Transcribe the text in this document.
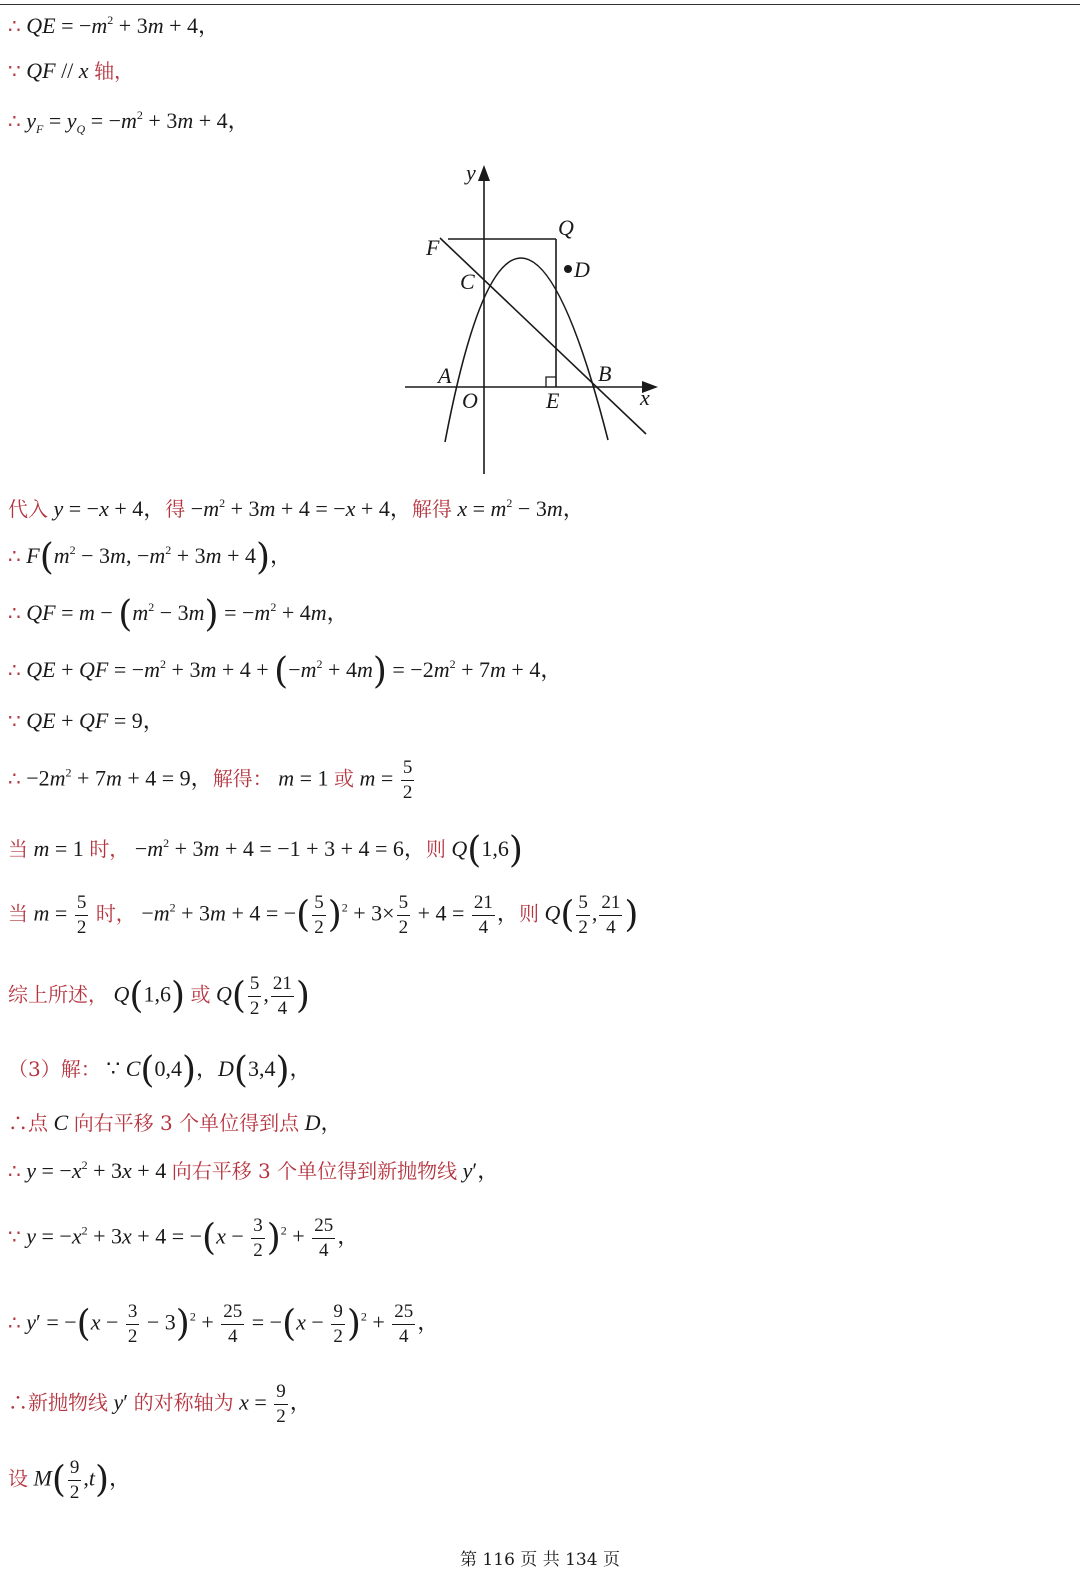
∴ QE = $-m^2 + 3m + 4$，
∵ QF // x 轴，
∴ $y_F = y_Q = -m^2 + 3m + 4$，
y
x
O
A	B
C	D
E
F
Q
代入 y = −x + 4，得 $-m^2 + 3m + 4 = -x + 4$，解得 $x = m^2 - 3m$，
∴ $F(m^2 - 3m$, $-m^2 + 3m + 4$)，
∴ QF = $m - (m^2 - 3m) = -m^2 + 4m$，
∴ QE + QF = $-m^2 + 3m + 4 + (-m^2 + 4m) = -2m^2 + 7m + 4$，
∵ QE + QF = 9，
∴ $-2m^2 + 7m + 4 = 9$，解得： m = 1 或 $m = \frac{5}{2}$
当 m = 1 时， $-m^2 + 3m + 4 = -1 + 3 + 4 = 6$，则 Q(1,6)
当 $m = \frac{5}{2}$ 时， $-m^2 + 3m + 4$ = −( $\frac{5}{2} )^2 + 3\times \frac{5}{2} + 4 = \frac{21}{4}$ ，则 $Q( \frac{5}{2}$ , $\frac{21}{4}$ )
综上所述， Q(1,6) 或 $Q( \frac{5}{2}$ , $\frac{21}{4}$ )
（3）解： ∵ C(0,4)，D(3,4)，
∴点 C 向右平移 3 个单位得到点 D，
∴ $y = -x^2 + 3x + 4$ 向右平移 3 个单位得到新抛物线 y′，
∵ $y = -x^2 + 3x + 4 = -(x - \frac{3}{2} )^2 + \frac{25}{4}$ ，
∴ $y' = -(x - \frac{3}{2} - 3)^2 + \frac{25}{4} = -(x - \frac{9}{2} )^2 + \frac{25}{4}$ ，
∴新抛物线 y′ 的对称轴为 $x = \frac{9}{2}$ ，
设 $M( \frac{9}{2} ,t)$，
第 116 页 共 134 页
